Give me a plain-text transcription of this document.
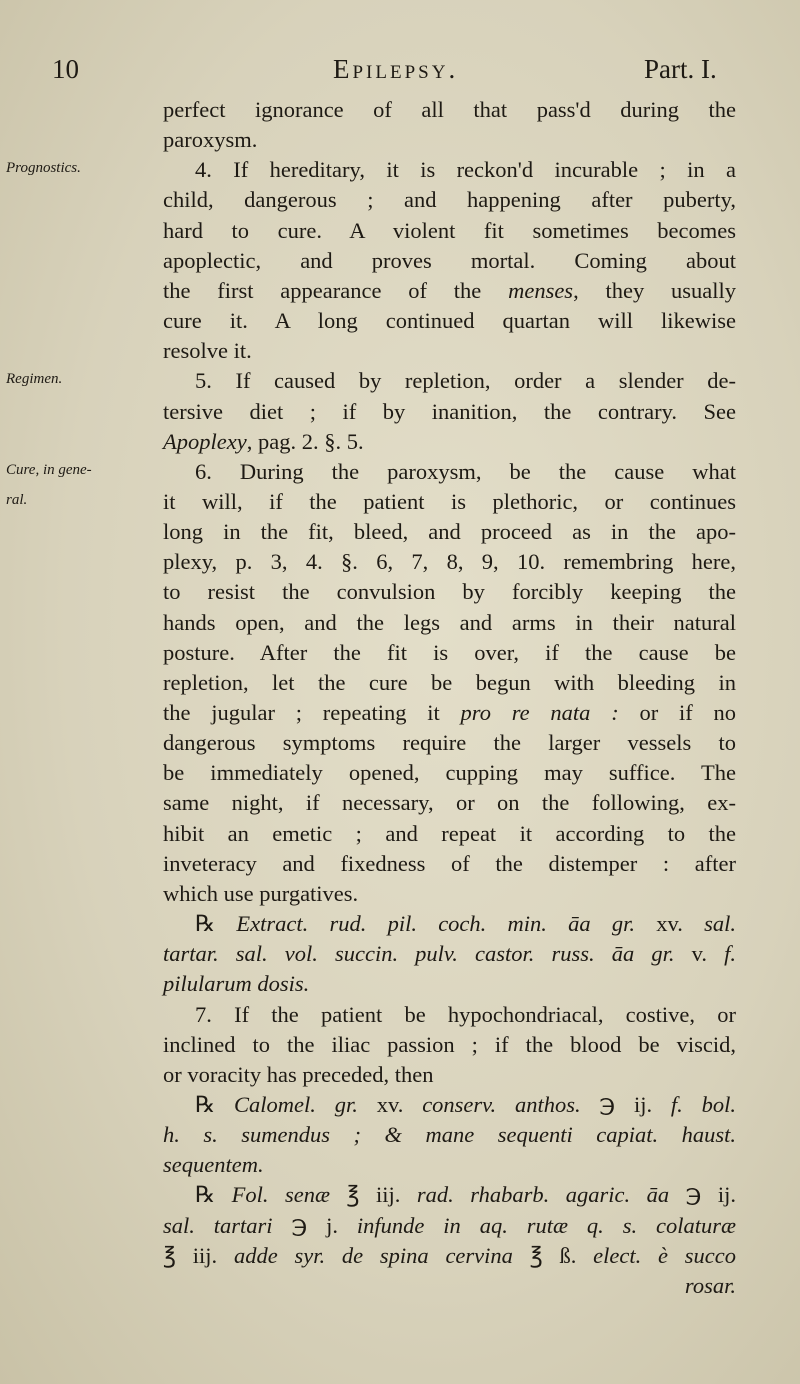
10	Epilepsy.	Part. I.
perfect ignorance of all that pass'd during the
paroxysm.
4. If hereditary, it is reckon'd incurable ; in a
child, dangerous ; and happening after puberty,
hard to cure. A violent fit sometimes becomes
apoplectic, and proves mortal. Coming about
the first appearance of the menses, they usually
cure it. A long continued quartan will likewise
resolve it.
5. If caused by repletion, order a slender de-
tersive diet ; if by inanition, the contrary. See
Apoplexy, pag. 2. §. 5.
6. During the paroxysm, be the cause what
it will, if the patient is plethoric, or continues
long in the fit, bleed, and proceed as in the apo-
plexy, p. 3, 4. §. 6, 7, 8, 9, 10. remembring here,
to resist the convulsion by forcibly keeping the
hands open, and the legs and arms in their natural
posture. After the fit is over, if the cause be
repletion, let the cure be begun with bleeding in
the jugular ; repeating it pro re nata : or if no
dangerous symptoms require the larger vessels to
be immediately opened, cupping may suffice. The
same night, if necessary, or on the following, ex-
hibit an emetic ; and repeat it according to the
inveteracy and fixedness of the distemper : after
which use purgatives.
℞ Extract. rud. pil. coch. min. āa gr. xv. sal.
tartar. sal. vol. succin. pulv. castor. russ. āa gr. v. f.
pilularum dosis.
7. If the patient be hypochondriacal, costive, or
inclined to the iliac passion ; if the blood be viscid,
or voracity has preceded, then
℞ Calomel. gr. xv. conserv. anthos. ℈ ij. f. bol.
h. s. sumendus ; & mane sequenti capiat. haust.
sequentem.
℞ Fol. senæ ℥ iij. rad. rhabarb. agaric. āa ℈ ij.
sal. tartari ℈ j. infunde in aq. rutæ q. s. colaturæ
℥ iij. adde syr. de spina cervina ℥ ß. elect. è succo
rosar.
Prognostics.
Regimen.
Cure, in gene-
ral.
